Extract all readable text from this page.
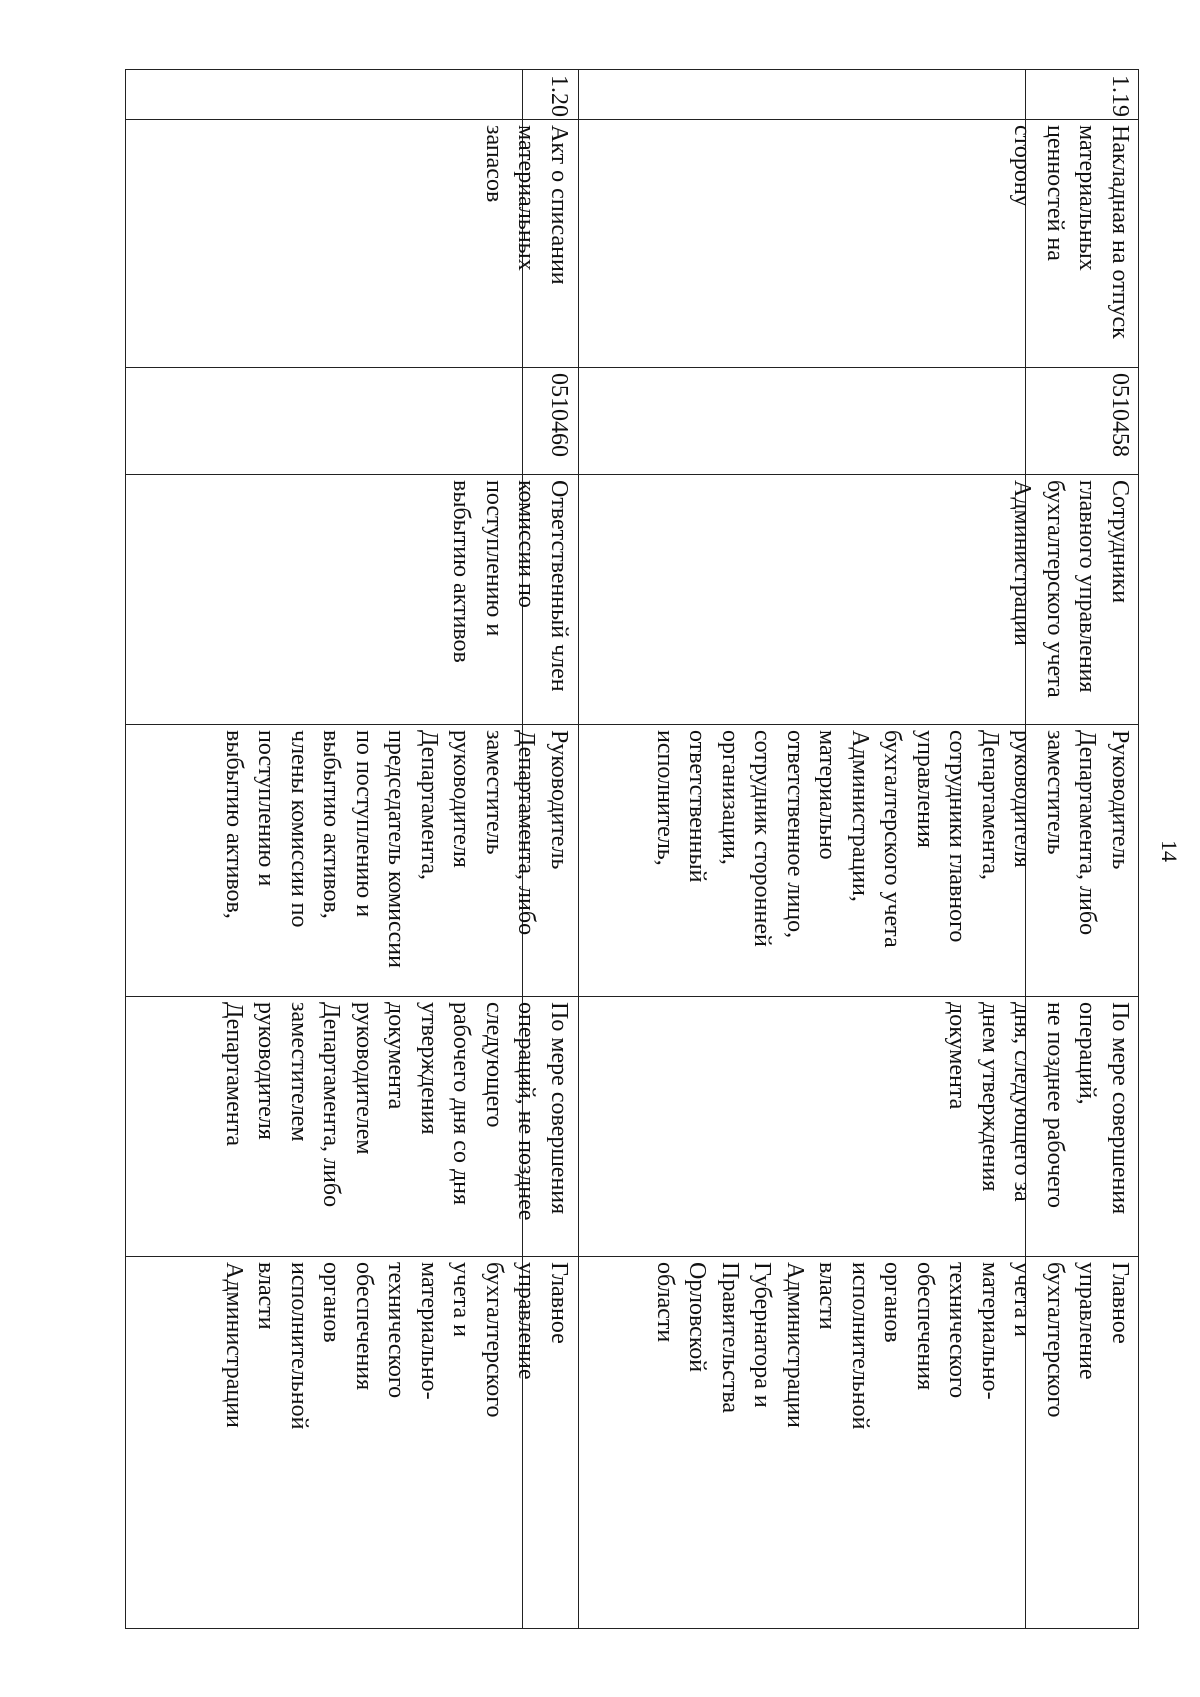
14
1.19
Накладная на отпуск
материальных
ценностей на
сторону
0510458
Сотрудники
главного управления
бухгалтерского учета
Администрации
Руководитель
Департамента, либо
заместитель
руководителя
Департамента,
сотрудники главного
управления
бухгалтерского учета
Администрации,
материально
ответственное лицо,
сотрудник сторонней
организации,
ответственный
исполнитель,
По мере совершения
операций,
не позднее рабочего
дня, следующего за
днем утверждения
документа
Главное
управление
бухгалтерского
учета и
материально-
технического
обеспечения
органов
исполнительной
власти
Администрации
Губернатора и
Правительства
Орловской
области
1.20
Акт о списании
материальных
запасов
0510460
Ответственный член
комиссии по
поступлению и
выбытию активов
Руководитель
Департамента, либо
заместитель
руководителя
Департамента,
председатель комиссии
по поступлению и
выбытию активов,
члены комиссии по
поступлению и
выбытию активов,
По мере совершения
операций, не позднее
следующего
рабочего дня со дня
утверждения
документа
руководителем
Департамента, либо
заместителем
руководителя
Департамента
Главное
управление
бухгалтерского
учета и
материально-
технического
обеспечения
органов
исполнительной
власти
Администрации
